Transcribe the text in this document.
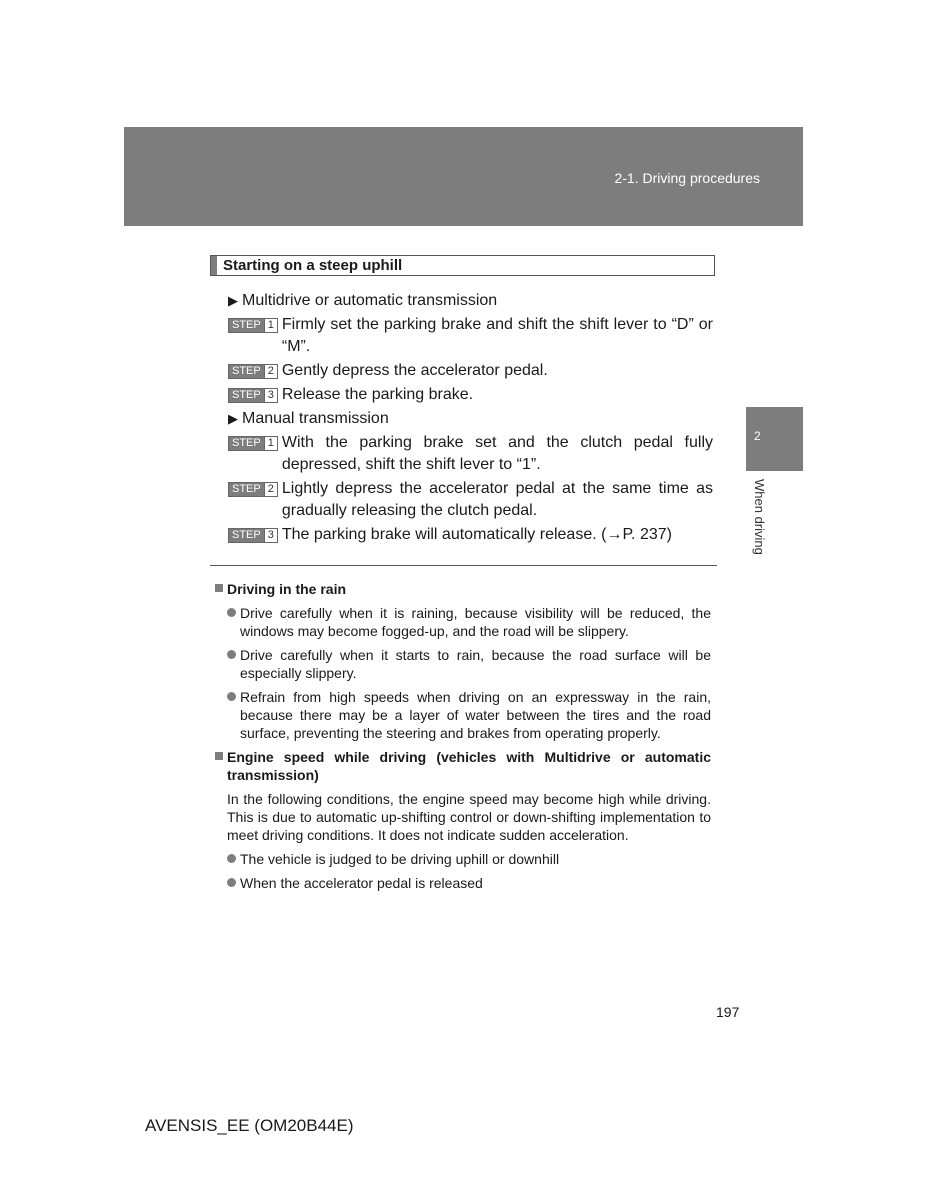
2-1. Driving procedures
2
When driving
Starting on a steep uphill
▶ Multidrive or automatic transmission
STEP 1 Firmly set the parking brake and shift the shift lever to “D” or “M”.
STEP 2 Gently depress the accelerator pedal.
STEP 3 Release the parking brake.
▶ Manual transmission
STEP 1 With the parking brake set and the clutch pedal fully depressed, shift the shift lever to “1”.
STEP 2 Lightly depress the accelerator pedal at the same time as gradually releasing the clutch pedal.
STEP 3 The parking brake will automatically release. (→P. 237)
Driving in the rain
Drive carefully when it is raining, because visibility will be reduced, the windows may become fogged-up, and the road will be slippery.
Drive carefully when it starts to rain, because the road surface will be especially slippery.
Refrain from high speeds when driving on an expressway in the rain, because there may be a layer of water between the tires and the road surface, preventing the steering and brakes from operating properly.
Engine speed while driving (vehicles with Multidrive or automatic transmission)
In the following conditions, the engine speed may become high while driving. This is due to automatic up-shifting control or down-shifting implementation to meet driving conditions. It does not indicate sudden acceleration.
The vehicle is judged to be driving uphill or downhill
When the accelerator pedal is released
197
AVENSIS_EE (OM20B44E)
